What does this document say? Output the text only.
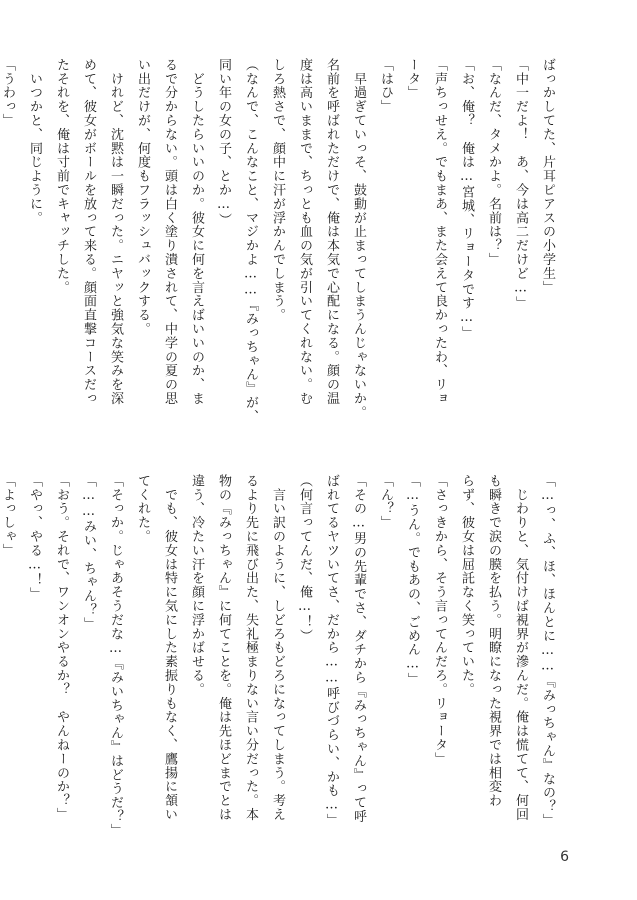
ばっかしてた、片耳ピアスの小学生」
「中一だよ！　あ、今は高二だけど…」
「なんだ、タメかよ。名前は？」
「お、俺？　俺は…宮城、リョータです…」
「声ちっせえ。でもまあ、また会えて良かったわ、リョ
ータ」
「はひ」
　早過ぎていっそ、鼓動が止まってしまうんじゃないか。
名前を呼ばれただけで、俺は本気で心配になる。顔の温
度は高いままで、ちっとも血の気が引いてくれない。む
しろ熱さで、顔中に汗が浮かんでしまう。
（なんで、こんなこと、マジかよ……『みっちゃん』が、
同い年の女の子、とか…）
　どうしたらいいのか。彼女に何を言えばいいのか、ま
るで分からない。頭は白く塗り潰されて、中学の夏の思
い出だけが、何度もフラッシュバックする。
　けれど、沈黙は一瞬だった。ニヤッと強気な笑みを深
めて、彼女がボールを放って来る。顔面直撃コースだっ
たそれを、俺は寸前でキャッチした。
　いつかと、同じように。
「うわっ」
「…っ、ふ、ほ、ほんとに……『みっちゃん』なの？」
　じわりと、気付けば視界が滲んだ。俺は慌てて、何回
も瞬きで涙の膜を払う。明瞭になった視界では相変わ
らず、彼女は屈託なく笑っていた。
「さっきから、そう言ってんだろ。リョータ」
「…うん。でもあの、ごめん…」
「ん？」
「その…男の先輩でさ、ダチから『みっちゃん』って呼
ばれてるヤツいてさ、だから……呼びづらい、かも…」
（何言ってんだ、俺…！）
　言い訳のように、しどろもどろになってしまう。考え
るより先に飛び出た、失礼極まりない言い分だった。本
物の『みっちゃん』に何てことを。俺は先ほどまでとは
違う、冷たい汗を顔に浮かばせる。
　でも、彼女は特に気にした素振りもなく、鷹揚に頷い
てくれた。
「そっか。じゃあそうだな…『みいちゃん』はどうだ？」
「……みい、ちゃん？」
「おう。それで、ワンオンやるか？　やんねーのか？」
「やっ、やる…！」
「よっしゃ」
6
